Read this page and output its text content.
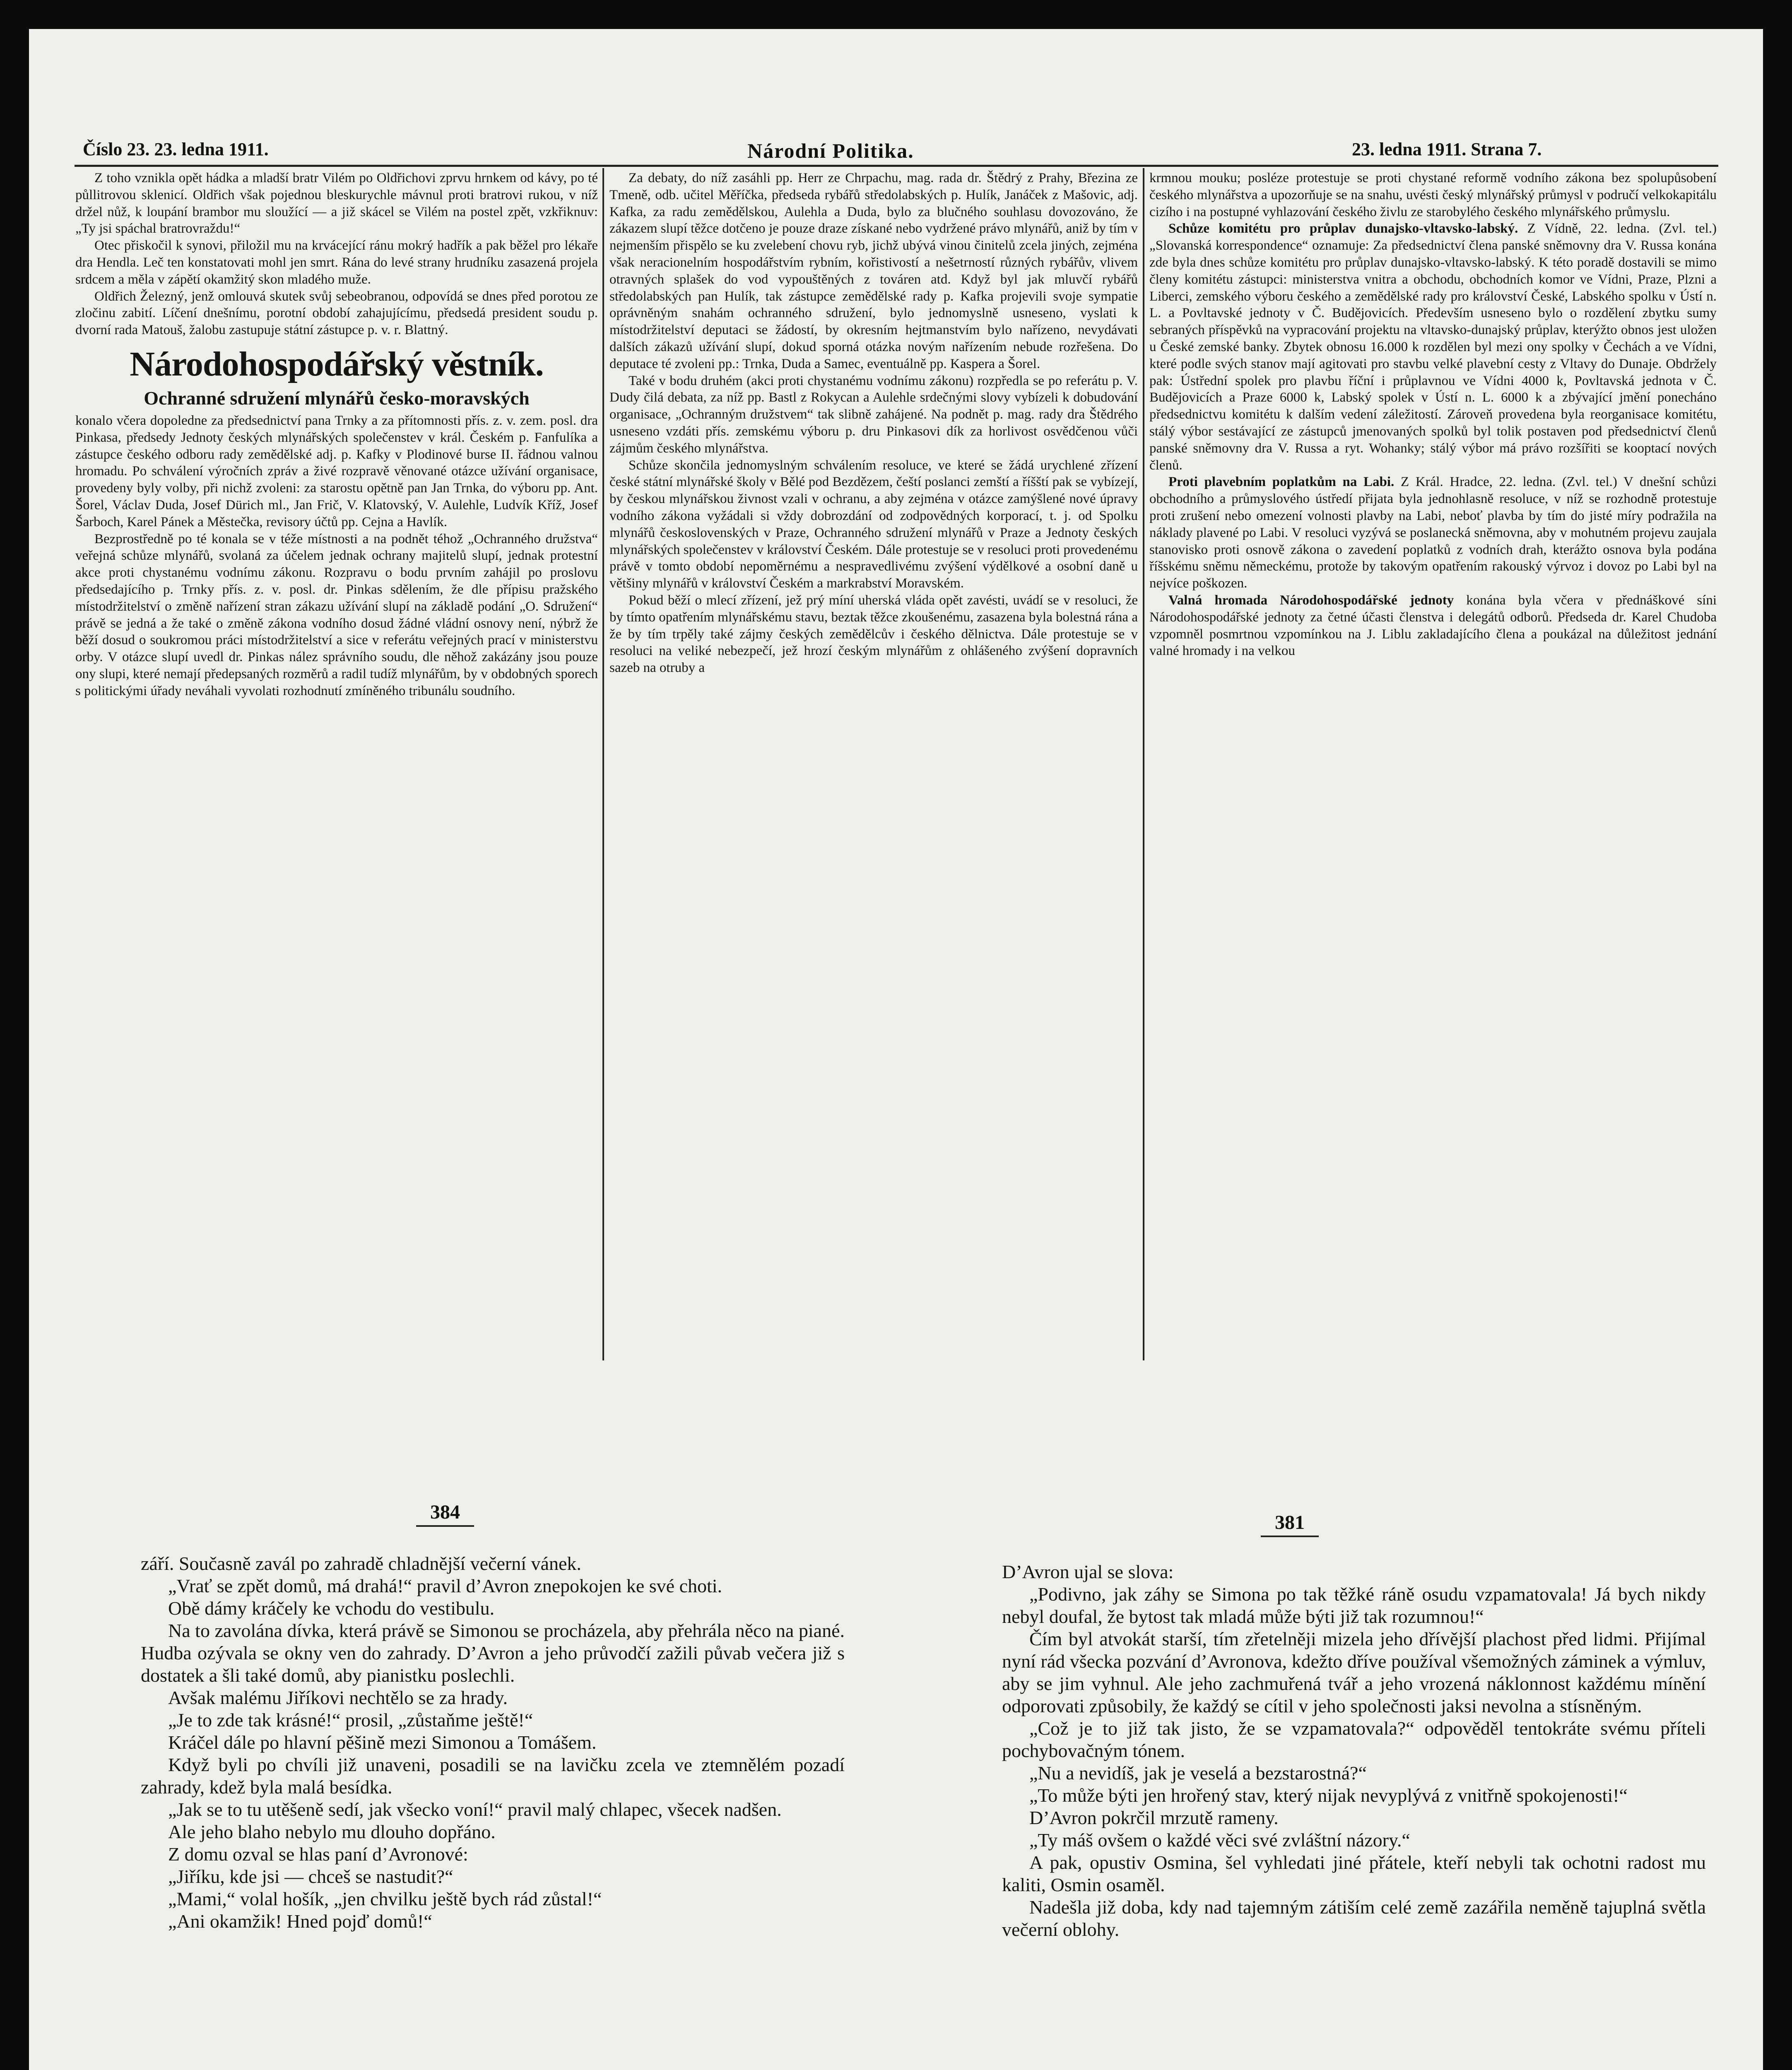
Číslo 23. 23. ledna 1911.	Národní Politika.	23. ledna 1911. Strana 7.

Z toho vznikla opět hádka a mladší bratr Vilém po Oldřichovi zprvu hrnkem od kávy, po té půllitrovou sklenicí. Oldřich však pojednou bleskurychle mávnul proti bratrovi rukou, v níž držel nůž, k loupání brambor mu sloužící — a již skácel se Vilém na postel zpět, vzkřiknuv: „Ty jsi spáchal bratrovraždu!“

Otec přiskočil k synovi, přiložil mu na krvácející ránu mokrý hadřík a pak běžel pro lékaře dra Hendla. Leč ten konstatovati mohl jen smrt. Rána do levé strany hrudníku zasazená projela srdcem a měla v zápětí okamžitý skon mladého muže.

Oldřich Železný, jenž omlouvá skutek svůj sebeobranou, odpovídá se dnes před porotou ze zločinu zabití. Líčení dnešnímu, porotní období zahajujícímu, předsedá president soudu p. dvorní rada Matouš, žalobu zastupuje státní zástupce p. v. r. Blattný.

Národohospodářský věstník.
Ochranné sdružení mlynářů česko-moravských

konalo včera dopoledne za předsednictví pana Trnky a za přítomnosti přís. z. v. zem. posl. dra Pinkasa, předsedy Jednoty českých mlynářských společenstev v král. Českém p. Fanfulíka a zástupce českého odboru rady zemědělské adj. p. Kafky v Plodinové burse II. řádnou valnou hromadu. Po schválení výročních zpráv a živé rozpravě věnované otázce užívání organisace, provedeny byly volby, při nichž zvoleni: za starostu opětně pan Jan Trnka, do výboru pp. Ant. Šorel, Václav Duda, Josef Dürich ml., Jan Frič, V. Klatovský, V. Aulehle, Ludvík Kříž, Josef Šarboch, Karel Pánek a Městečka, revisory účtů pp. Cejna a Havlík.

Bezprostředně po té konala se v téže místnosti a na podnět téhož „Ochranného družstva“ veřejná schůze mlynářů, svolaná za účelem jednak ochrany majitelů slupí, jednak protestní akce proti chystanému vodnímu zákonu. Rozpravu o bodu prvním zahájil po proslovu předsedajícího p. Trnky přís. z. v. posl. dr. Pinkas sdělením, že dle přípisu pražského místodržitelství o změně nařízení stran zákazu užívání slupí na základě podání „O. Sdružení“ právě se jedná a že také o změně zákona vodního dosud žádné vládní osnovy není, nýbrž že běží dosud o soukromou práci místodržitelství a sice v referátu veřejných prací v ministerstvu orby. V otázce slupí uvedl dr. Pinkas nález správního soudu, dle něhož zakázány jsou pouze ony slupi, které nemají předepsaných rozměrů a radil tudíž mlynářům, by v obdobných sporech s politickými úřady neváhali vyvolati rozhodnutí zmíněného tribunálu soudního.

Za debaty, do níž zasáhli pp. Herr ze Chrpachu, mag. rada dr. Štědrý z Prahy, Březina ze Tmeně, odb. učitel Měříčka, předseda rybářů středolabských p. Hulík, Janáček z Mašovic, adj. Kafka, za radu zemědělskou, Aulehla a Duda, bylo za blučného souhlasu dovozováno, že zákazem slupí těžce dotčeno je pouze draze získané nebo vydržené právo mlynářů, aniž by tím v nejmenším přispělo se ku zvelebení chovu ryb, jichž ubývá vinou činitelů zcela jiných, zejména však neracionelním hospodářstvím rybním, kořistivostí a nešetrností různých rybářův, vlivem otravných splašek do vod vypouštěných z továren atd. Když byl jak mluvčí rybářů středolabských pan Hulík, tak zástupce zemědělské rady p. Kafka projevili svoje sympatie oprávněným snahám ochranného sdružení, bylo jednomyslně usneseno, vyslati k místodržitelství deputaci se žádostí, by okresním hejtmanstvím bylo nařízeno, nevydávati dalších zákazů užívání slupí, dokud sporná otázka novým nařízením nebude rozřešena. Do deputace té zvoleni pp.: Trnka, Duda a Samec, eventuálně pp. Kaspera a Šorel.

Také v bodu druhém (akci proti chystanému vodnímu zákonu) rozpředla se po referátu p. V. Dudy čilá debata, za níž pp. Bastl z Rokycan a Aulehle srdečnými slovy vybízeli k dobudování organisace, „Ochranným družstvem“ tak slibně zahájené. Na podnět p. mag. rady dra Štědrého usneseno vzdáti přís. zemskému výboru p. dru Pinkasovi dík za horlivost osvědčenou vůči zájmům českého mlynářstva.

Schůze skončila jednomyslným schválením resoluce, ve které se žádá urychlené zřízení české státní mlynářské školy v Bělé pod Bezdězem, čeští poslanci zemští a říšští pak se vybízejí, by českou mlynářskou živnost vzali v ochranu, a aby zejména v otázce zamýšlené nové úpravy vodního zákona vyžádali si vždy dobrozdání od zodpovědných korporací, t. j. od Spolku mlynářů československých v Praze, Ochranného sdružení mlynářů v Praze a Jednoty českých mlynářských společenstev v království Českém. Dále protestuje se v resoluci proti provedenému právě v tomto období nepoměrnému a nespravedlivému zvýšení výdělkové a osobní daně u většiny mlynářů v království Českém a markrabství Moravském.

Pokud běží o mlecí zřízení, jež prý míní uherská vláda opět zavésti, uvádí se v resoluci, že by tímto opatřením mlynářskému stavu, beztak těžce zkoušenému, zasazena byla bolestná rána a že by tím trpěly také zájmy českých zemědělcův i českého dělnictva. Dále protestuje se v resoluci na veliké nebezpečí, jež hrozí českým mlynářům z ohlášeného zvýšení dopravních sazeb na otruby a

krmnou mouku; posléze protestuje se proti chystané reformě vodního zákona bez spolupůsobení českého mlynářstva a upozorňuje se na snahu, uvésti český mlynářský průmysl v područí velkokapitálu cizího i na postupné vyhlazování českého živlu ze starobylého českého mlynářského průmyslu.

Schůze komitétu pro průplav dunajsko-vltavsko-labský. Z Vídně, 22. ledna. (Zvl. tel.) „Slovanská korrespondence“ oznamuje: Za předsednictví člena panské sněmovny dra V. Russa konána zde byla dnes schůze komitétu pro průplav dunajsko-vltavsko-labský. K této poradě dostavili se mimo členy komitétu zástupci: ministerstva vnitra a obchodu, obchodních komor ve Vídni, Praze, Plzni a Liberci, zemského výboru českého a zemědělské rady pro království České, Labského spolku v Ústí n. L. a Povltavské jednoty v Č. Budějovicích. Především usneseno bylo o rozdělení zbytku sumy sebraných příspěvků na vypracování projektu na vltavsko-dunajský průplav, kterýžto obnos jest uložen u České zemské banky. Zbytek obnosu 16.000 k rozdělen byl mezi ony spolky v Čechách a ve Vídni, které podle svých stanov mají agitovati pro stavbu velké plavební cesty z Vltavy do Dunaje. Obdržely pak: Ústřední spolek pro plavbu říční i průplavnou ve Vídni 4000 k, Povltavská jednota v Č. Budějovicích a Praze 6000 k, Labský spolek v Ústí n. L. 6000 k a zbývající jmění ponecháno předsednictvu komitétu k dalším vedení záležitostí. Zároveň provedena byla reorganisace komitétu, stálý výbor sestávající ze zástupců jmenovaných spolků byl tolik postaven pod předsednictví členů panské sněmovny dra V. Russa a ryt. Wohanky; stálý výbor má právo rozšířiti se kooptací nových členů.

Proti plavebním poplatkům na Labi. Z Král. Hradce, 22. ledna. (Zvl. tel.) V dnešní schůzi obchodního a průmyslového ústředí přijata byla jednohlasně resoluce, v níž se rozhodně protestuje proti zrušení nebo omezení volnosti plavby na Labi, neboť plavba by tím do jisté míry podražila na náklady plavené po Labi. V resoluci vyzývá se poslanecká sněmovna, aby v mohutném projevu zaujala stanovisko proti osnově zákona o zavedení poplatků z vodních drah, kterážto osnova byla podána říšskému sněmu německému, protože by takovým opatřením rakouský výrvoz i dovoz po Labi byl na nejvíce poškozen.

Valná hromada Národohospodářské jednoty konána byla včera v přednáškové síni Národohospodářské jednoty za četné účasti členstva i delegátů odborů. Předseda dr. Karel Chudoba vzpomněl posmrtnou vzpomínkou na J. Liblu zakladajícího člena a poukázal na důležitost jednání valné hromady i na velkou

384	381

září. Současně zavál po zahradě chladnější večerní vánek.

„Vrať se zpět domů, má drahá!“ pravil d’Avron znepokojen ke své choti.

Obě dámy kráčely ke vchodu do vestibulu.

Na to zavolána dívka, která právě se Simonou se procházela, aby přehrála něco na piané. Hudba ozývala se okny ven do zahrady. D’Avron a jeho průvodčí zažili půvab večera již s dostatek a šli také domů, aby pianistku poslechli.

Avšak malému Jiříkovi nechtělo se za hrady.

„Je to zde tak krásné!“ prosil, „zůstaňme ještě!“

Kráčel dále po hlavní pěšině mezi Simonou a Tomášem.

Když byli po chvíli již unaveni, posadili se na lavičku zcela ve ztemnělém pozadí zahrady, kdež byla malá besídka.

„Jak se to tu utěšeně sedí, jak všecko voní!“ pravil malý chlapec, všecek nadšen.

Ale jeho blaho nebylo mu dlouho dopřáno.

Z domu ozval se hlas paní d’Avronové:

„Jiříku, kde jsi — chceš se nastudit?“

„Mami,“ volal hošík, „jen chvilku ještě bych rád zůstal!“

„Ani okamžik! Hned pojď domů!“

D’Avron ujal se slova:

„Podivno, jak záhy se Simona po tak těžké ráně osudu vzpamatovala! Já bych nikdy nebyl doufal, že bytost tak mladá může býti již tak rozumnou!“

Čím byl atvokát starší, tím zřetelněji mizela jeho dřívější plachost před lidmi. Přijímal nyní rád všecka pozvání d’Avronova, kdežto dříve používal všemožných záminek a výmluv, aby se jim vyhnul. Ale jeho zachmuřená tvář a jeho vrozená náklonnost každému mínění odporovati způsobily, že každý se cítil v jeho společnosti jaksi nevolna a stísněným.

„Což je to již tak jisto, že se vzpamatovala?“ odpověděl tentokráte svému příteli pochybovačným tónem.

„Nu a nevidíš, jak je veselá a bezstarostná?“

„To může býti jen hrořený stav, který nijak nevyplývá z vnitřně spokojenosti!“

D’Avron pokrčil mrzutě rameny.

„Ty máš ovšem o každé věci své zvláštní názory.“

A pak, opustiv Osmina, šel vyhledati jiné přátele, kteří nebyli tak ochotni radost mu kaliti, Osmin osaměl.

Nadešla již doba, kdy nad tajemným zátiším celé země zazářila neměně tajuplná světla večerní oblohy.
